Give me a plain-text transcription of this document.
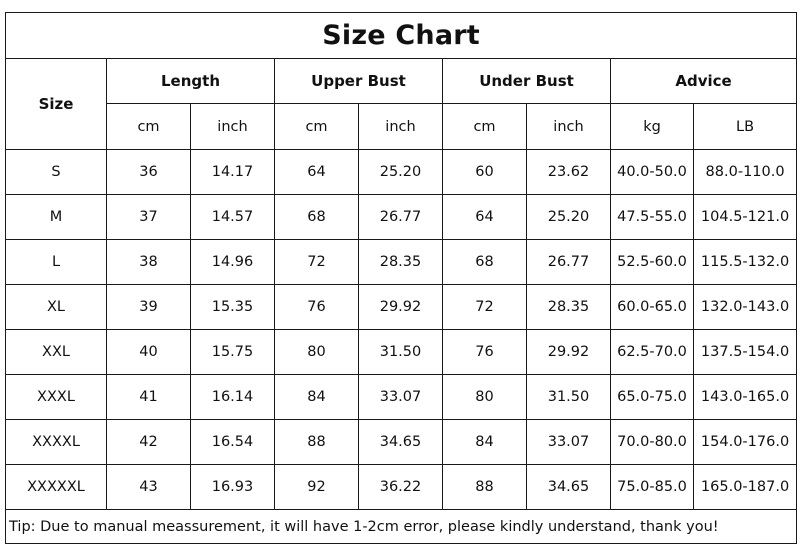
Size Chart								
Size	Length		Upper Bust		Under Bust		Advice	
	cm	inch	cm	inch	cm	inch	kg	LB
S	36	14.17	64	25.20	60	23.62	40.0-50.0	88.0-110.0
M	37	14.57	68	26.77	64	25.20	47.5-55.0	104.5-121.0
L	38	14.96	72	28.35	68	26.77	52.5-60.0	115.5-132.0
XL	39	15.35	76	29.92	72	28.35	60.0-65.0	132.0-143.0
XXL	40	15.75	80	31.50	76	29.92	62.5-70.0	137.5-154.0
XXXL	41	16.14	84	33.07	80	31.50	65.0-75.0	143.0-165.0
XXXXL	42	16.54	88	34.65	84	33.07	70.0-80.0	154.0-176.0
XXXXXL	43	16.93	92	36.22	88	34.65	75.0-85.0	165.0-187.0
Tip: Due to manual meassurement, it will have 1-2cm error, please kindly understand, thank you!								
